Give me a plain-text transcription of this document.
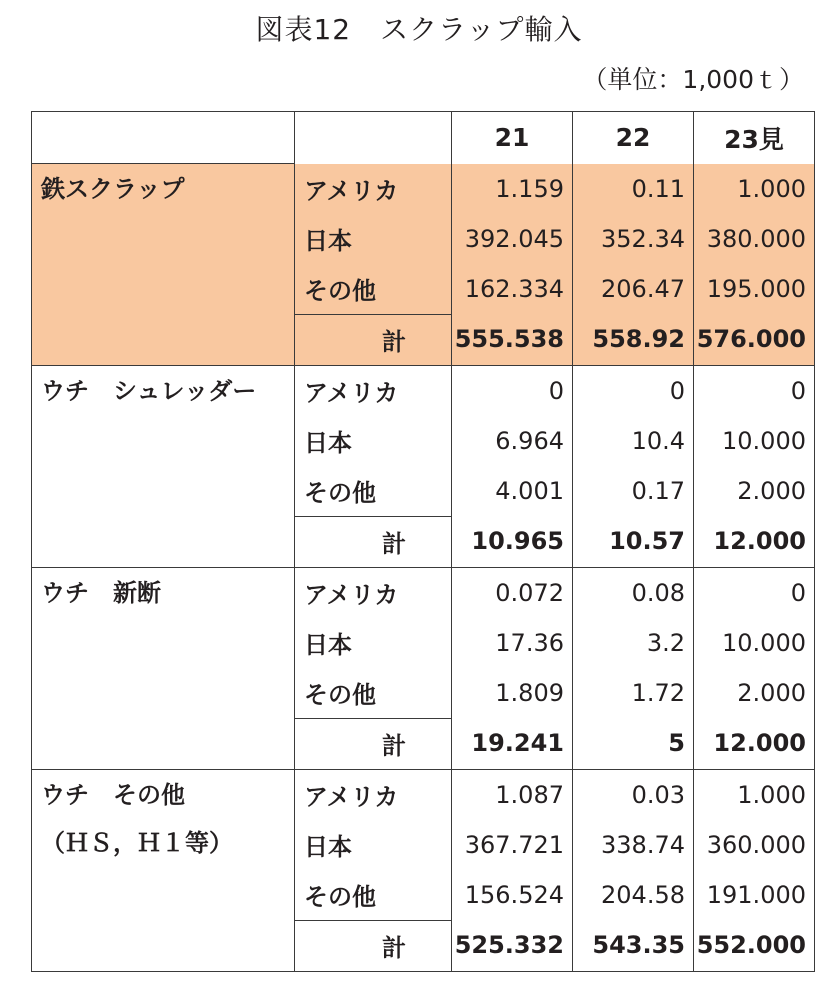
図表12　スクラップ輸入
（単位：1,000ｔ）
		21	22	23見

鉄スクラップ	アメリカ	1.159	0.11	1.000
	日本	392.045	352.34	380.000
	その他	162.334	206.47	195.000
	計	555.538	558.92	576.000

ウチ　シュレッダー	アメリカ	0	0	0
	日本	6.964	10.4	10.000
	その他	4.001	0.17	2.000
	計	10.965	10.57	12.000

ウチ　新断	アメリカ	0.072	0.08	0
	日本	17.36	3.2	10.000
	その他	1.809	1.72	2.000
	計	19.241	5	12.000

ウチ　その他
（ＨＳ，Ｈ１等）	アメリカ	1.087	0.03	1.000
	日本	367.721	338.74	360.000
	その他	156.524	204.58	191.000
	計	525.332	543.35	552.000
